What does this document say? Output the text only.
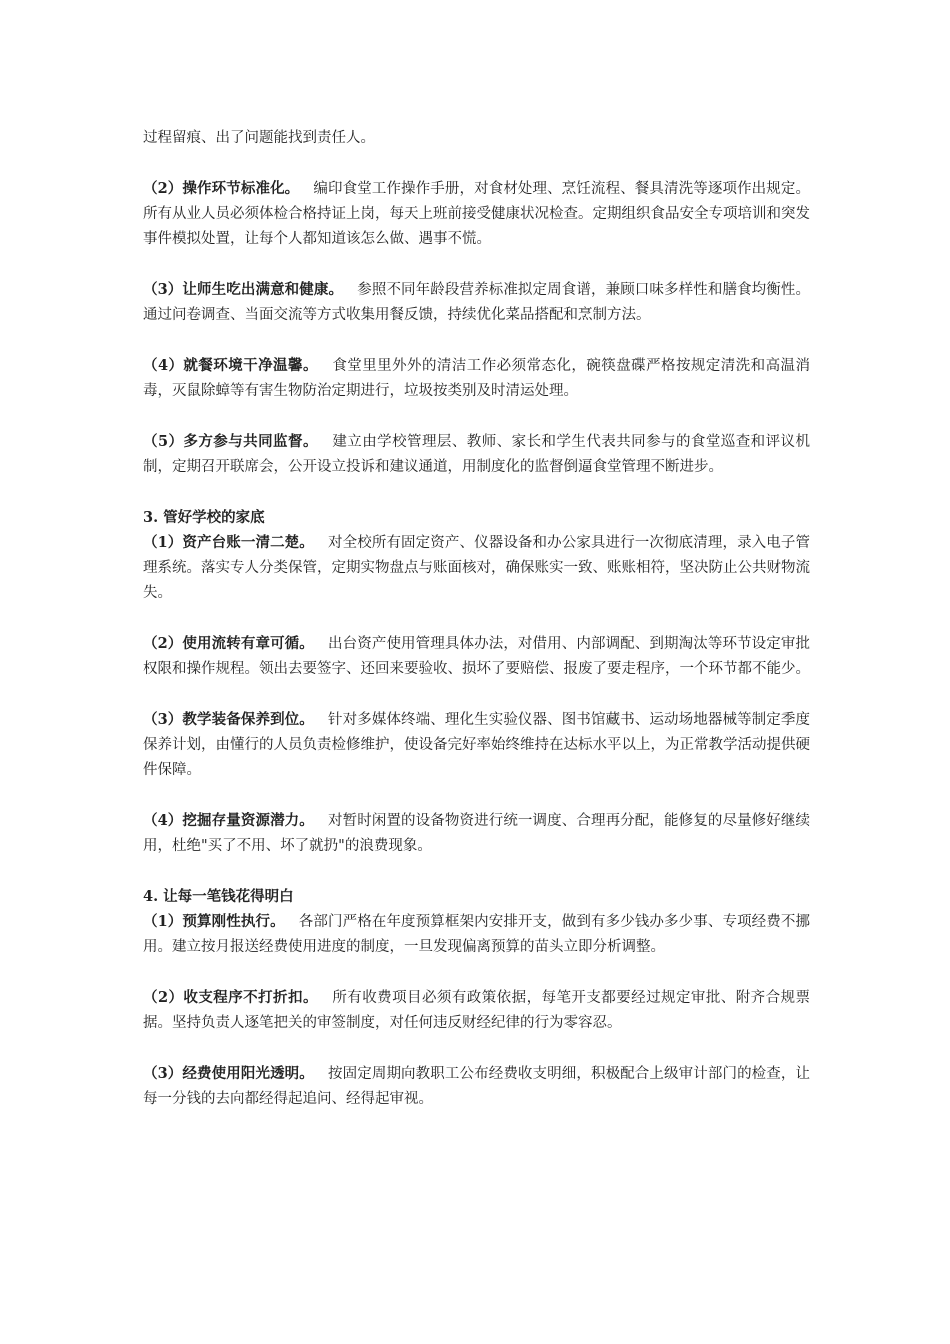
过程留痕、出了问题能找到责任人。

（2）操作环节标准化。 编印食堂工作操作手册，对食材处理、烹饪流程、餐具清洗等逐项作出规定。所有从业人员必须体检合格持证上岗，每天上班前接受健康状况检查。定期组织食品安全专项培训和突发事件模拟处置，让每个人都知道该怎么做、遇事不慌。

（3）让师生吃出满意和健康。 参照不同年龄段营养标准拟定周食谱，兼顾口味多样性和膳食均衡性。通过问卷调查、当面交流等方式收集用餐反馈，持续优化菜品搭配和烹制方法。

（4）就餐环境干净温馨。 食堂里里外外的清洁工作必须常态化，碗筷盘碟严格按规定清洗和高温消毒，灭鼠除蟑等有害生物防治定期进行，垃圾按类别及时清运处理。

（5）多方参与共同监督。 建立由学校管理层、教师、家长和学生代表共同参与的食堂巡查和评议机制，定期召开联席会，公开设立投诉和建议通道，用制度化的监督倒逼食堂管理不断进步。

3. 管好学校的家底

（1）资产台账一清二楚。 对全校所有固定资产、仪器设备和办公家具进行一次彻底清理，录入电子管理系统。落实专人分类保管，定期实物盘点与账面核对，确保账实一致、账账相符，坚决防止公共财物流失。

（2）使用流转有章可循。 出台资产使用管理具体办法，对借用、内部调配、到期淘汰等环节设定审批权限和操作规程。领出去要签字、还回来要验收、损坏了要赔偿、报废了要走程序，一个环节都不能少。

（3）教学装备保养到位。 针对多媒体终端、理化生实验仪器、图书馆藏书、运动场地器械等制定季度保养计划，由懂行的人员负责检修维护，使设备完好率始终维持在达标水平以上，为正常教学活动提供硬件保障。

（4）挖掘存量资源潜力。 对暂时闲置的设备物资进行统一调度、合理再分配，能修复的尽量修好继续用，杜绝"买了不用、坏了就扔"的浪费现象。

4. 让每一笔钱花得明白

（1）预算刚性执行。 各部门严格在年度预算框架内安排开支，做到有多少钱办多少事、专项经费不挪用。建立按月报送经费使用进度的制度，一旦发现偏离预算的苗头立即分析调整。

（2）收支程序不打折扣。 所有收费项目必须有政策依据，每笔开支都要经过规定审批、附齐合规票据。坚持负责人逐笔把关的审签制度，对任何违反财经纪律的行为零容忍。

（3）经费使用阳光透明。 按固定周期向教职工公布经费收支明细，积极配合上级审计部门的检查，让每一分钱的去向都经得起追问、经得起审视。
